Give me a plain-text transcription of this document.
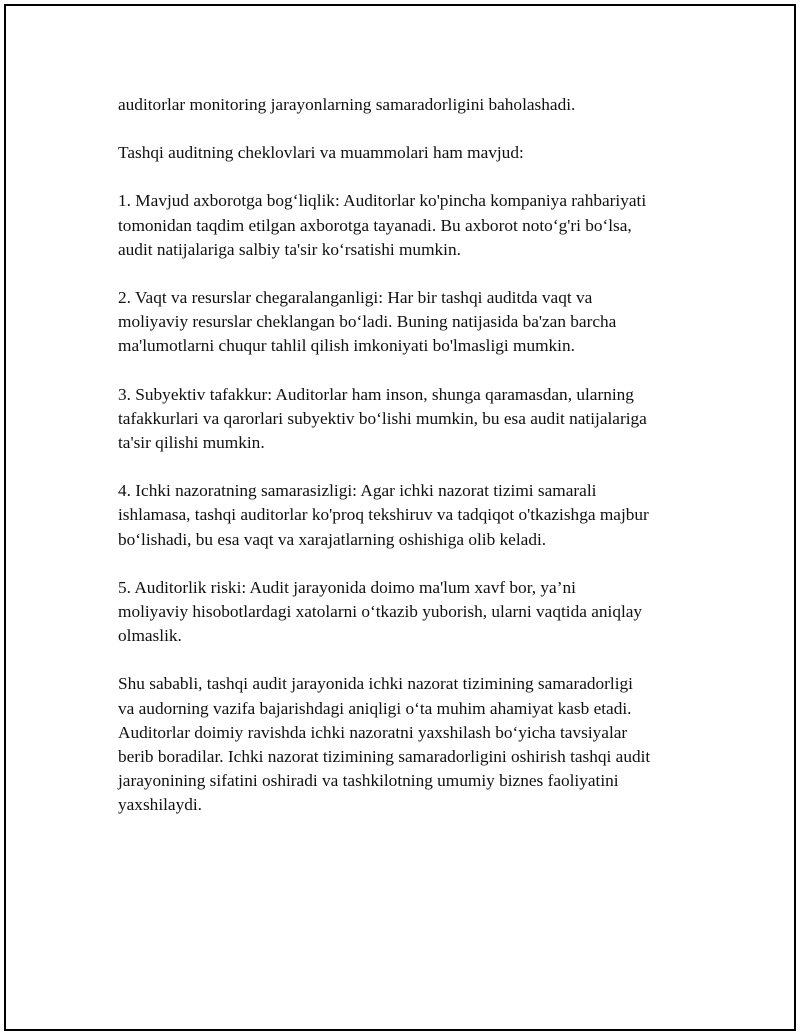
auditorlar monitoring jarayonlarning samaradorligini baholashadi.

Tashqi auditning cheklovlari va muammolari ham mavjud:

1. Mavjud axborotga bogʻliqlik: Auditorlar ko'pincha kompaniya rahbariyati
tomonidan taqdim etilgan axborotga tayanadi. Bu axborot noto‘g'ri bo‘lsa,
audit natijalariga salbiy ta'sir ko‘rsatishi mumkin.

2. Vaqt va resurslar chegaralanganligi: Har bir tashqi auditda vaqt va
moliyaviy resurslar cheklangan bo‘ladi. Buning natijasida ba'zan barcha
ma'lumotlarni chuqur tahlil qilish imkoniyati bo'lmasligi mumkin.

3. Subyektiv tafakkur: Auditorlar ham inson, shunga qaramasdan, ularning
tafakkurlari va qarorlari subyektiv bo‘lishi mumkin, bu esa audit natijalariga
ta'sir qilishi mumkin.

4. Ichki nazoratning samarasizligi: Agar ichki nazorat tizimi samarali
ishlamasa, tashqi auditorlar ko'proq tekshiruv va tadqiqot o'tkazishga majbur
bo‘lishadi, bu esa vaqt va xarajatlarning oshishiga olib keladi.

5. Auditorlik riski: Audit jarayonida doimo ma'lum xavf bor, ya’ni
moliyaviy hisobotlardagi xatolarni o‘tkazib yuborish, ularni vaqtida aniqlay
olmaslik.

Shu sababli, tashqi audit jarayonida ichki nazorat tizimining samaradorligi
va audorning vazifa bajarishdagi aniqligi oʻta muhim ahamiyat kasb etadi.
Auditorlar doimiy ravishda ichki nazoratni yaxshilash boʻyicha tavsiyalar
berib boradilar. Ichki nazorat tizimining samaradorligini oshirish tashqi audit
jarayonining sifatini oshiradi va tashkilotning umumiy biznes faoliyatini
yaxshilaydi.
